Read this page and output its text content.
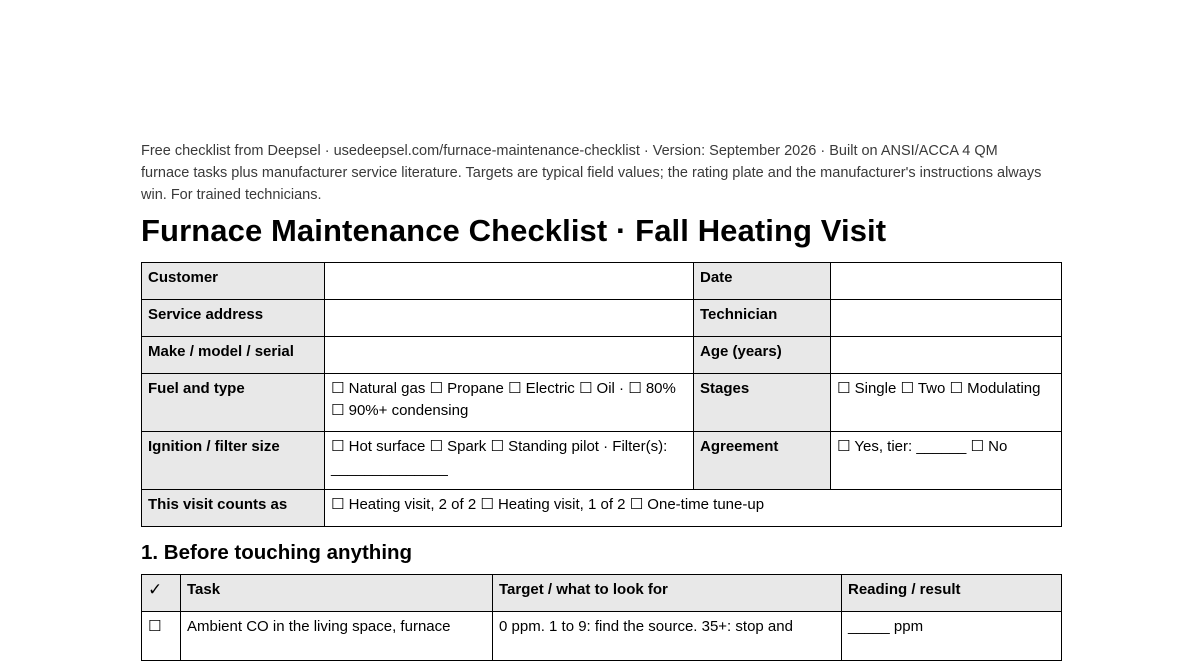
Free checklist from Deepsel · usedeepsel.com/furnace-maintenance-checklist · Version: September 2026 · Built on ANSI/ACCA 4 QM furnace tasks plus manufacturer service literature. Targets are typical field values; the rating plate and the manufacturer's instructions always win. For trained technicians.

Furnace Maintenance Checklist · Fall Heating Visit
Customer		Date	
Service address		Technician	
Make / model / serial		Age (years)	
Fuel and type	☐ Natural gas ☐ Propane ☐ Electric ☐ Oil · ☐ 80% ☐ 90%+ condensing	Stages	☐ Single ☐ Two ☐ Modulating
Ignition / filter size	☐ Hot surface ☐ Spark ☐ Standing pilot · Filter(s): ______________	Agreement	☐ Yes, tier: ______ ☐ No
This visit counts as	☐ Heating visit, 2 of 2 ☐ Heating visit, 1 of 2 ☐ One-time tune-up		
1. Before touching anything
✓	Task	Target / what to look for	Reading / result
☐	Ambient CO in the living space, furnace	0 ppm. 1 to 9: find the source. 35+: stop and	_____ ppm
